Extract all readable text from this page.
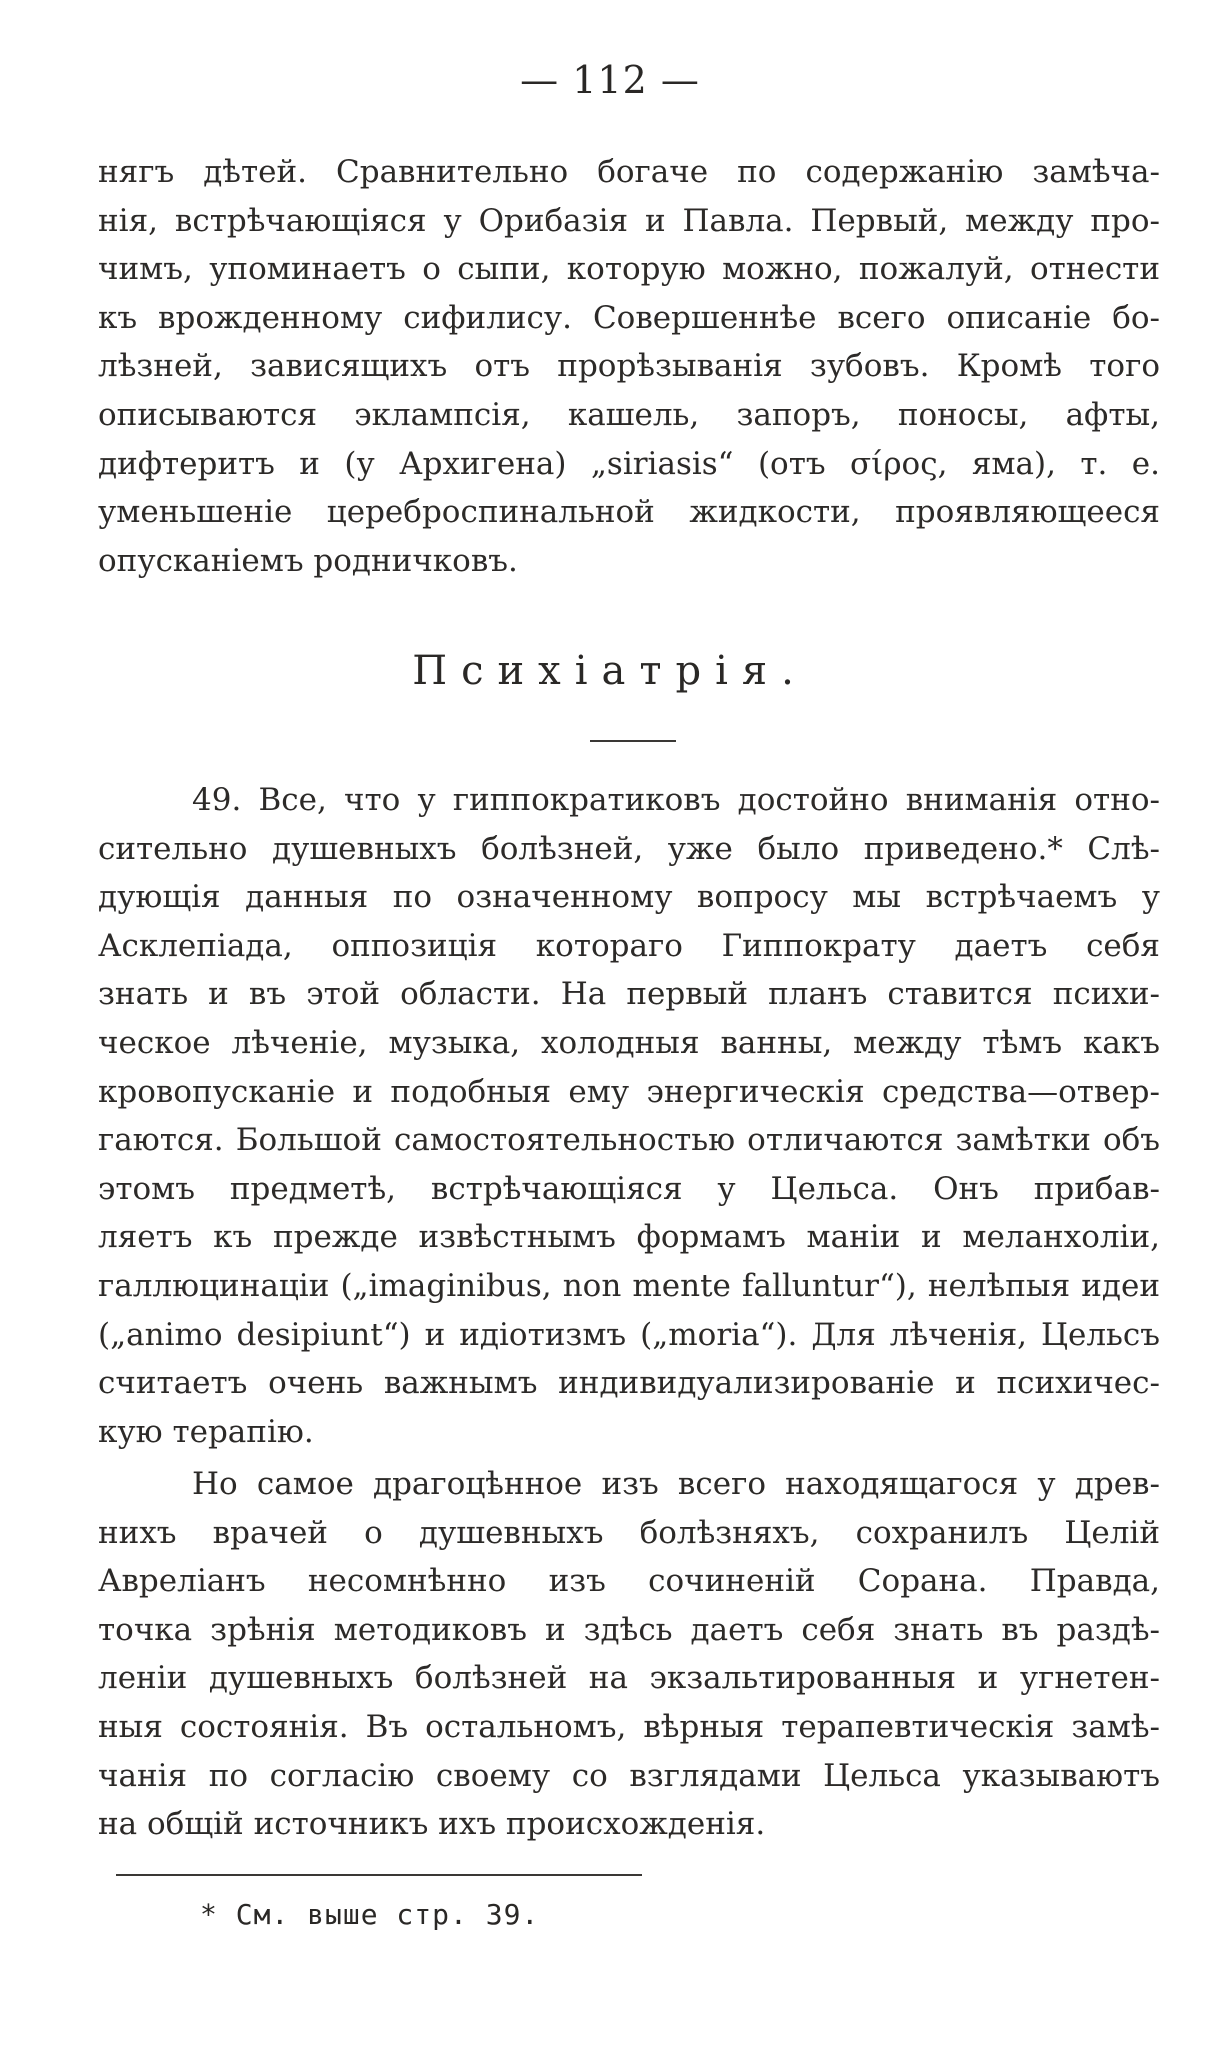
— 112 —
нягъ дѣтей. Сравнительно богаче по содержанію замѣча-
нія, встрѣчающіяся у Орибазія и Павла. Первый, между про-
чимъ, упоминаетъ о сыпи, которую можно, пожалуй, отнести
къ врожденному сифилису. Совершеннѣе всего описаніе бо-
лѣзней, зависящихъ отъ прорѣзыванія зубовъ. Кромѣ того
описываются эклампсія, кашель, запоръ, поносы, афты,
дифтеритъ и (у Архигена) „siriasis“ (отъ σίρος, яма), т. е.
уменьшеніе цереброспинальной жидкости, проявляющееся
опусканіемъ родничковъ.
Психіатрія.
49. Все, что у гиппократиковъ достойно вниманія отно-
сительно душевныхъ болѣзней, уже было приведено.* Слѣ-
дующія данныя по означенному вопросу мы встрѣчаемъ у
Асклепіада, оппозиція котораго Гиппократу даетъ себя
знать и въ этой области. На первый планъ ставится психи-
ческое лѣченіе, музыка, холодныя ванны, между тѣмъ какъ
кровопусканіе и подобныя ему энергическія средства—отвер-
гаются. Большой самостоятельностью отличаются замѣтки объ
этомъ предметѣ, встрѣчающіяся у Цельса. Онъ прибав-
ляетъ къ прежде извѣстнымъ формамъ маніи и меланхоліи,
галлюцинаціи („imaginibus, non mente falluntur“), нелѣпыя идеи
(„animo desipiunt“) и идіотизмъ („moria“). Для лѣченія, Цельсъ
считаетъ очень важнымъ индивидуализированіе и психичес-
кую терапію.
Но самое драгоцѣнное изъ всего находящагося у древ-
нихъ врачей о душевныхъ болѣзняхъ, сохранилъ Целій
Авреліанъ несомнѣнно изъ сочиненій Сорана. Правда,
точка зрѣнія методиковъ и здѣсь даетъ себя знать въ раздѣ-
леніи душевныхъ болѣзней на экзальтированныя и угнетен-
ныя состоянія. Въ остальномъ, вѣрныя терапевтическія замѣ-
чанія по согласію своему со взглядами Цельса указываютъ
на общій источникъ ихъ происхожденія.
* См. выше стр. 39.
